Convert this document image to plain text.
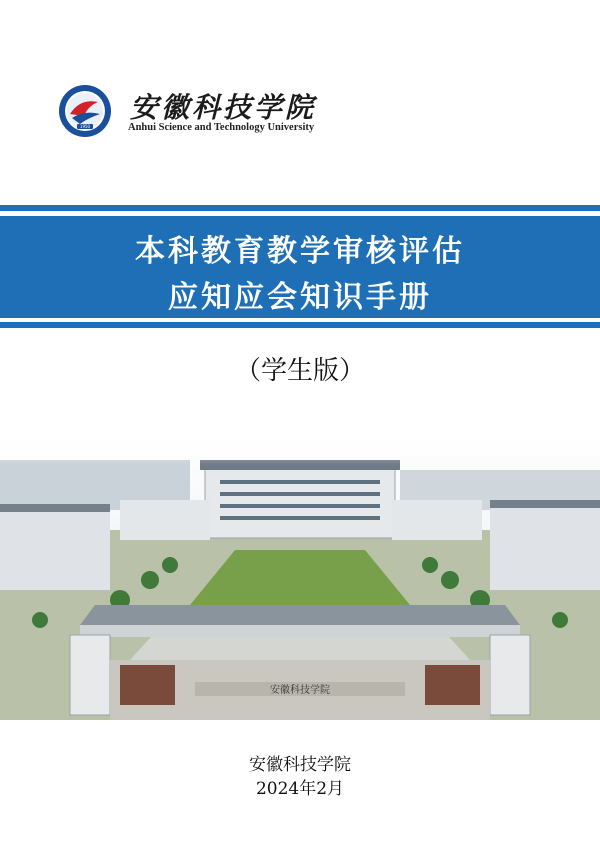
1950
安徽科技学院
Anhui Science and Technology University
本科教育教学审核评估
应知应会知识手册
（学生版）
安徽科技学院
安徽科技学院
2024年2月
